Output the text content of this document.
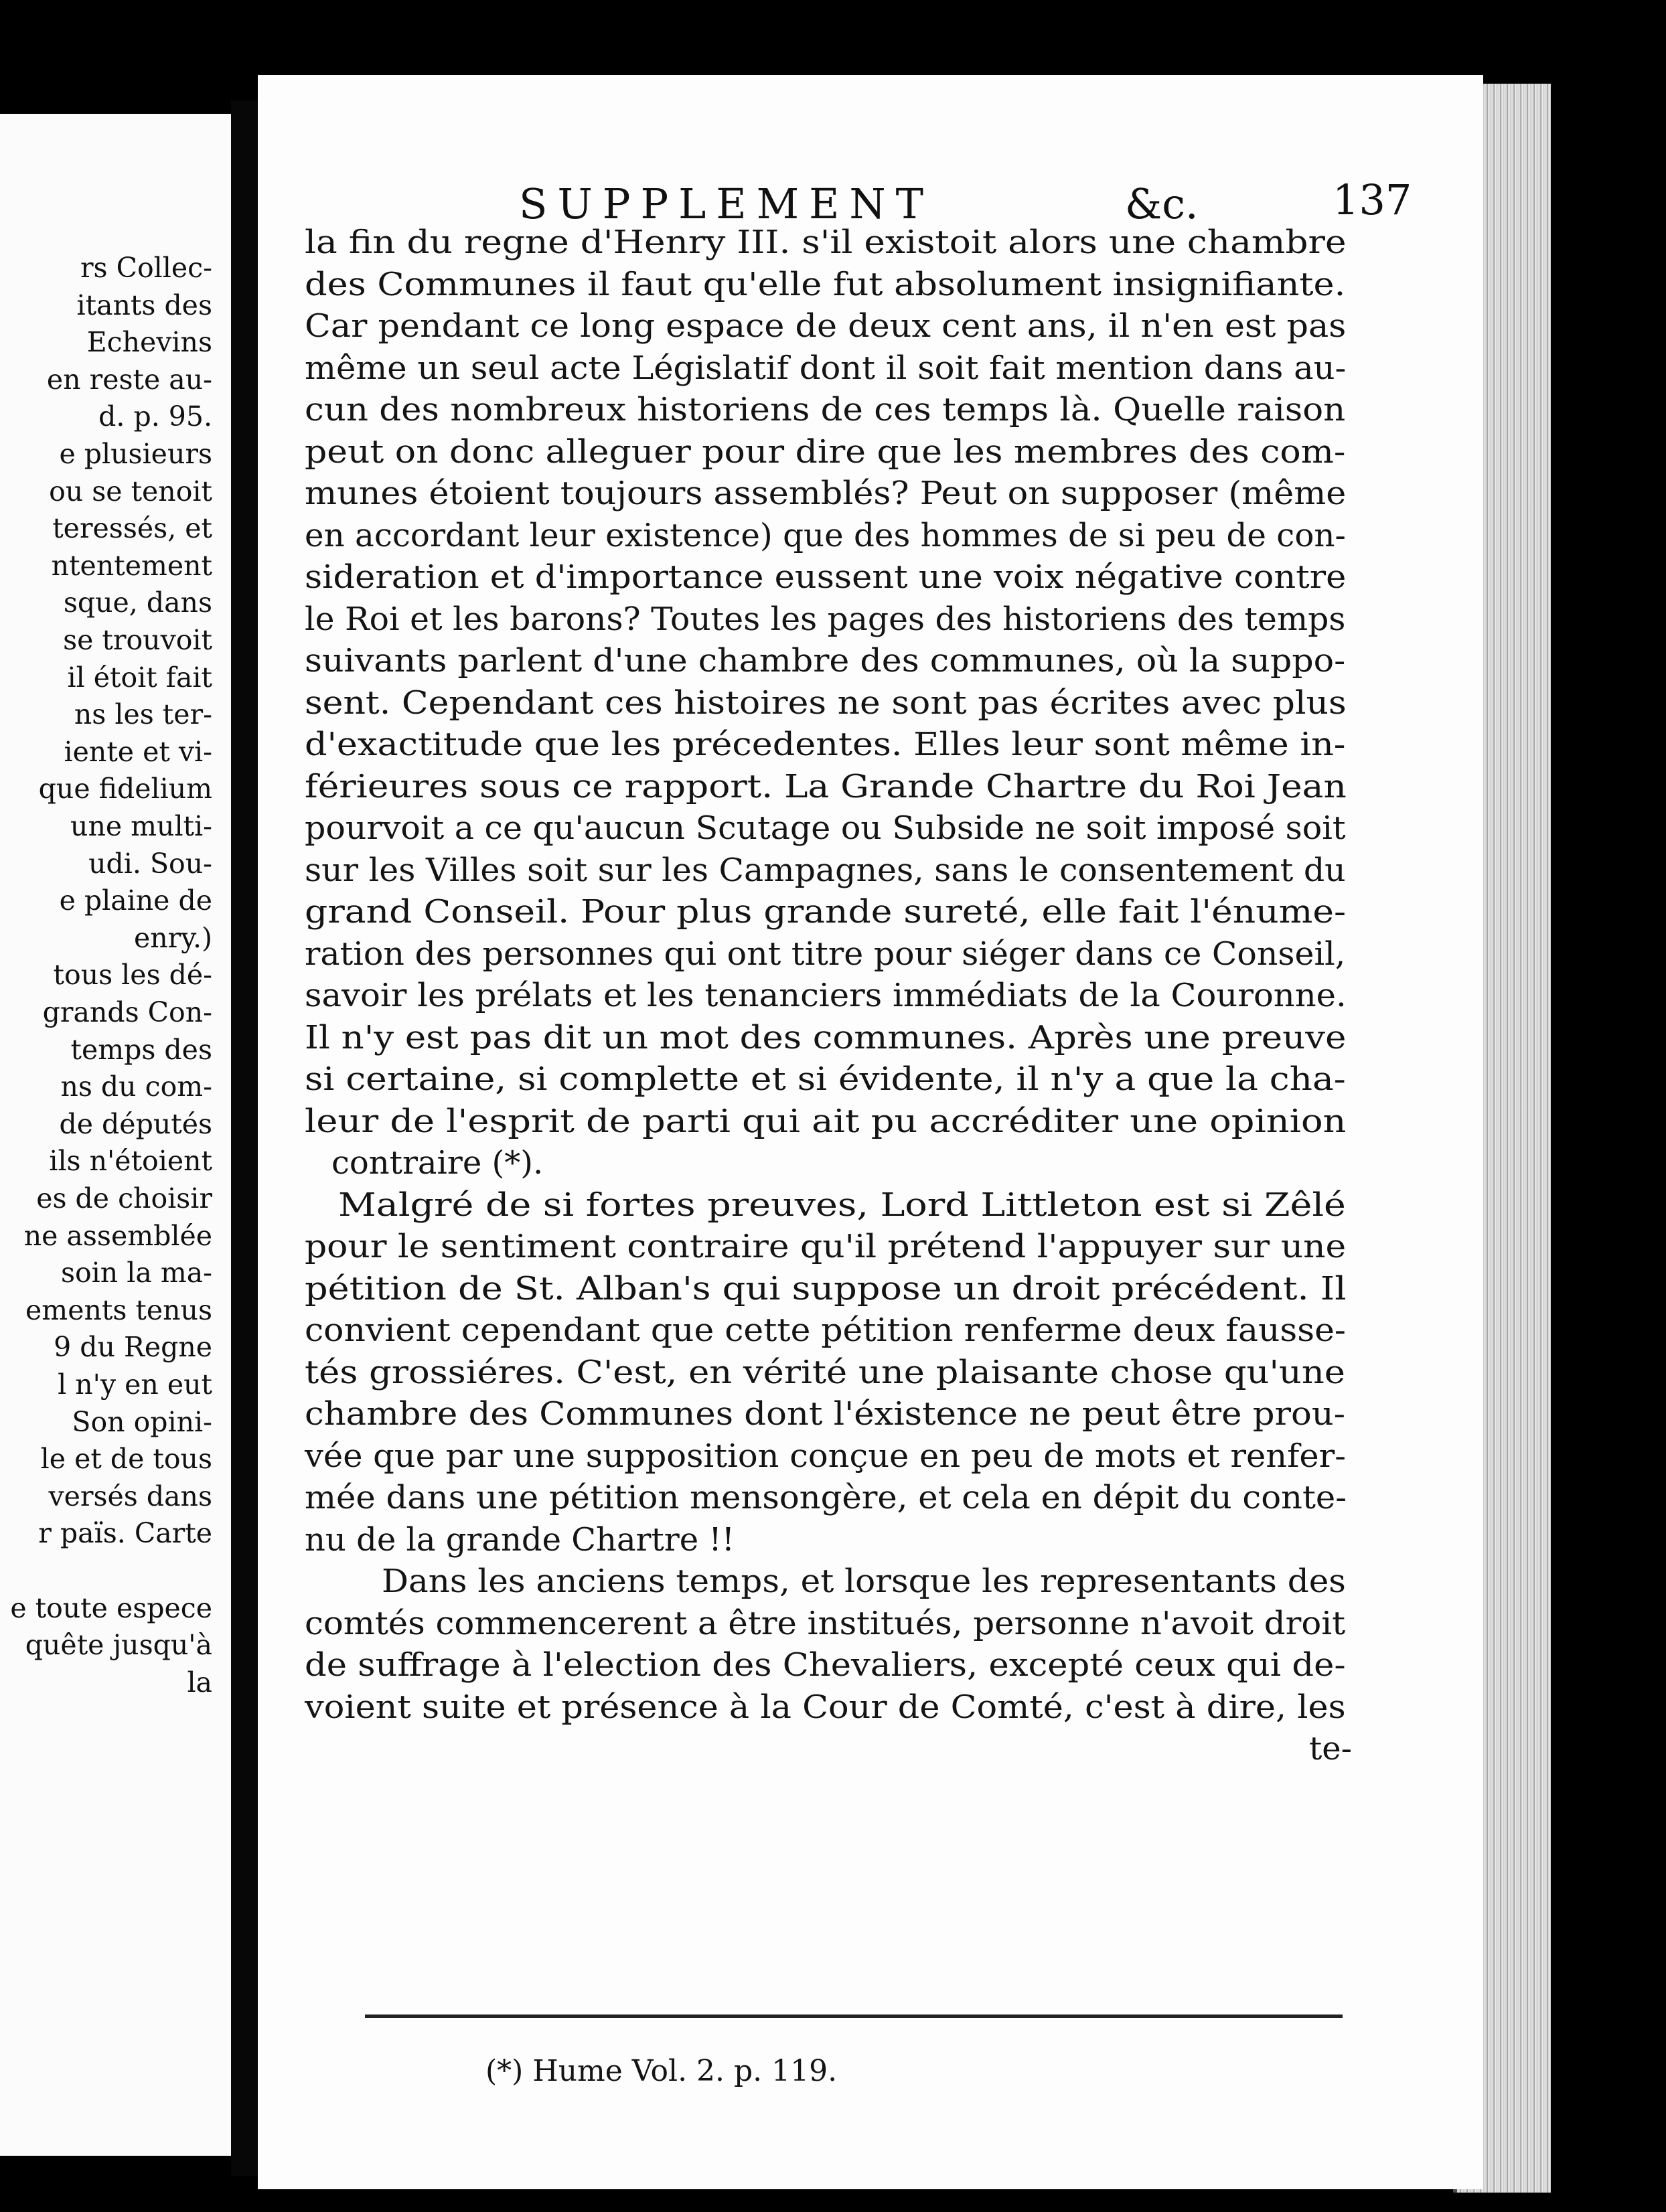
rs Collec-
itants des
Echevins
en reste au-
d. p. 95.
e plusieurs
ou se tenoit
teressés, et
ntentement
sque, dans
se trouvoit
il étoit fait
ns les ter-
iente et vi-
que fidelium
une multi-
udi. Sou-
e plaine de
enry.)
tous les dé-
grands Con-
temps des
ns du com-
de députés
ils n'étoient
es de choisir
ne assemblée
soin la ma-
ements tenus
9 du Regne
l n'y en eut
Son opini-
le et de tous
versés dans
r païs. Carte
e toute espece
quête jusqu'à
la
SUPPLEMENT	&c.	137
la fin du regne d'Henry III. s'il existoit alors une chambre
des Communes il faut qu'elle fut absolument insignifiante.
Car pendant ce long espace de deux cent ans, il n'en est pas
même un seul acte Législatif dont il soit fait mention dans au-
cun des nombreux historiens de ces temps là. Quelle raison
peut on donc alleguer pour dire que les membres des com-
munes étoient toujours assemblés? Peut on supposer (même
en accordant leur existence) que des hommes de si peu de con-
sideration et d'importance eussent une voix négative contre
le Roi et les barons? Toutes les pages des historiens des temps
suivants parlent d'une chambre des communes, où la suppo-
sent. Cependant ces histoires ne sont pas écrites avec plus
d'exactitude que les précedentes. Elles leur sont même in-
férieures sous ce rapport. La Grande Chartre du Roi Jean
pourvoit a ce qu'aucun Scutage ou Subside ne soit imposé soit
sur les Villes soit sur les Campagnes, sans le consentement du
grand Conseil. Pour plus grande sureté, elle fait l'énume-
ration des personnes qui ont titre pour siéger dans ce Conseil,
savoir les prélats et les tenanciers immédiats de la Couronne.
Il n'y est pas dit un mot des communes. Après une preuve
si certaine, si complette et si évidente, il n'y a que la cha-
leur de l'esprit de parti qui ait pu accréditer une opinion
contraire (*).
Malgré de si fortes preuves, Lord Littleton est si Zêlé
pour le sentiment contraire qu'il prétend l'appuyer sur une
pétition de St. Alban's qui suppose un droit précédent. Il
convient cependant que cette pétition renferme deux fausse-
tés grossiéres. C'est, en vérité une plaisante chose qu'une
chambre des Communes dont l'éxistence ne peut être prou-
vée que par une supposition conçue en peu de mots et renfer-
mée dans une pétition mensongère, et cela en dépit du conte-
nu de la grande Chartre !!
Dans les anciens temps, et lorsque les representants des
comtés commencerent a être institués, personne n'avoit droit
de suffrage à l'election des Chevaliers, excepté ceux qui de-
voient suite et présence à la Cour de Comté, c'est à dire, les
te-
(*) Hume Vol. 2. p. 119.
